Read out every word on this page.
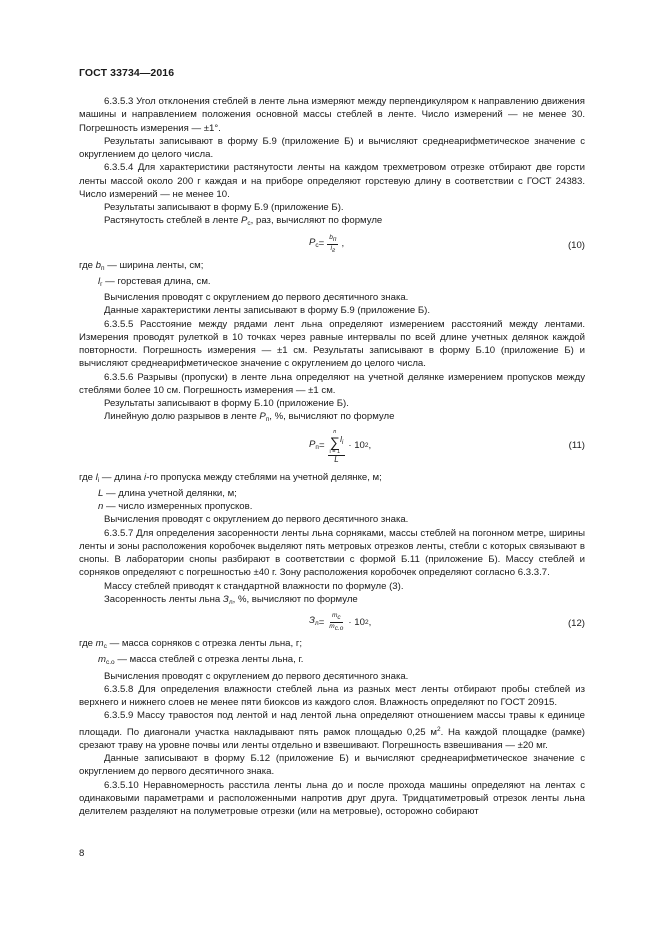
ГОСТ 33734—2016

6.3.5.3 Угол отклонения стеблей в ленте льна измеряют между перпендикуляром к направлению движения машины и направлением положения основной массы стеблей в ленте. Число измерений — не менее 30. Погрешность измерения — ±1°.

Результаты записывают в форму Б.9 (приложение Б) и вычисляют среднеарифметическое значение с округлением до целого числа.

6.3.5.4 Для характеристики растянутости ленты на каждом трехметровом отрезке отбирают две горсти ленты массой около 200 г каждая и на приборе определяют горстевую длину в соответствии с ГОСТ 24383. Число измерений — не менее 10.

Результаты записывают в форму Б.9 (приложение Б).

Растянутость стеблей в ленте $P_с$, раз, вычисляют по формуле

$P_с = \frac{b_п}{l_г}$ ,	(10)

где $b_п$ — ширина ленты, см;

$l_г$ — горстевая длина, см.

Вычисления проводят с округлением до первого десятичного знака.

Данные характеристики ленты записывают в форму Б.9 (приложение Б).

6.3.5.5 Расстояние между рядами лент льна определяют измерением расстояний между лентами. Измерения проводят рулеткой в 10 точках через равные интервалы по всей длине учетных делянок каждой повторности. Погрешность измерения — ±1 см. Результаты записывают в форму Б.10 (приложение Б) и вычисляют среднеарифметическое значение с округлением до целого числа.

6.3.5.6 Разрывы (пропуски) в ленте льна определяют на учетной делянке измерением пропусков между стеблями более 10 см. Погрешность измерения — ±1 см.

Результаты записывают в форму Б.10 (приложение Б).

Линейную долю разрывов в ленте $P_п$, %, вычисляют по формуле

$P_п$ =
n
∑
i = 1
$l_i$
L
· 10 2 ,	(11)

где $l_i$ — длина i-го пропуска между стеблями на учетной делянке, м;

L — длина учетной делянки, м;

n — число измеренных пропусков.

Вычисления проводят с округлением до первого десятичного знака.

6.3.5.7 Для определения засоренности ленты льна сорняками, массы стеблей на погонном метре, ширины ленты и зоны расположения коробочек выделяют пять метровых отрезков ленты, стебли с которых связывают в снопы. В лаборатории снопы разбирают в соответствии с формой Б.11 (приложение Б). Массу стеблей и сорняков определяют с погрешностью ±40 г. Зону расположения коробочек определяют согласно 6.3.3.7.

Массу стеблей приводят к стандартной влажности по формуле (3).

Засоренность ленты льна $З_л$, %, вычисляют по формуле

$З_л = \frac{m_с}{m_{с.о}} \cdot 10$ 2 ,	(12)

где $m_с$ — масса сорняков с отрезка ленты льна, г;

$m_{с.о}$ — масса стеблей с отрезка ленты льна, г.

Вычисления проводят с округлением до первого десятичного знака.

6.3.5.8 Для определения влажности стеблей льна из разных мест ленты отбирают пробы стеблей из верхнего и нижнего слоев не менее пяти биоксов из каждого слоя. Влажность определяют по ГОСТ 20915.

6.3.5.9 Массу травостоя под лентой и над лентой льна определяют отношением массы травы к единице площади. По диагонали участка накладывают пять рамок площадью 0,25 $м^2$. На каждой площадке (рамке) срезают траву на уровне почвы или ленты отдельно и взвешивают. Погрешность взвешивания — ±20 мг.

Данные записывают в форму Б.12 (приложение Б) и вычисляют среднеарифметическое значение с округлением до первого десятичного знака.

6.3.5.10 Неравномерность расстила ленты льна до и после прохода машины определяют на лентах с одинаковыми параметрами и расположенными напротив друг друга. Тридцатиметровый отрезок ленты льна делителем разделяют на полуметровые отрезки (или на метровые), осторожно собирают

8
